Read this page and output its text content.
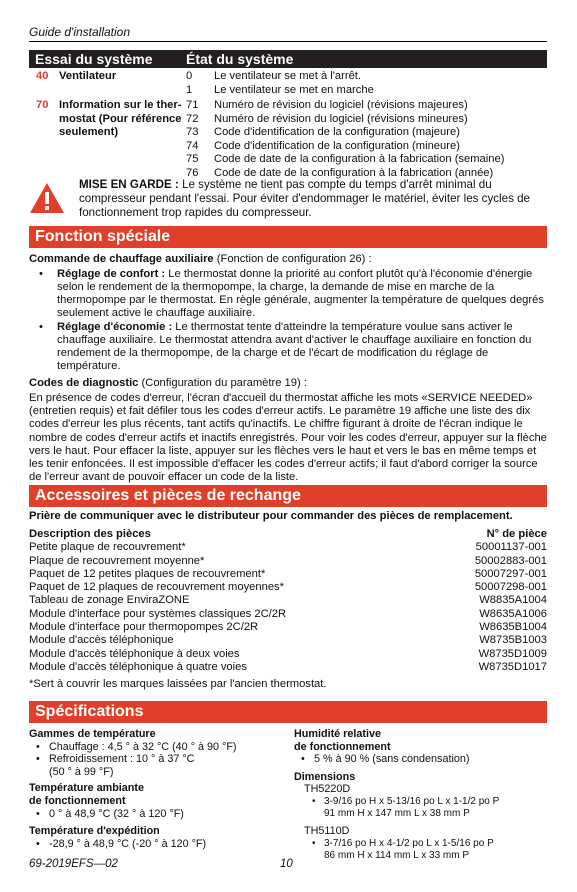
Guide d'installation
Essai du système État du système
40 Ventilateur	0	Le ventilateur se met à l'arrêt.
1	Le ventilateur se met en marche
70 Information sur le ther-
mostat (Pour référence
seulement)
71	Numéro de révision du logiciel (révisions majeures)
72	Numéro de révision du logiciel (révisions mineures)
73	Code d'identification de la configuration (majeure)
74	Code d'identification de la configuration (mineure)
75	Code de date de la configuration à la fabrication (semaine)
76	Code de date de la configuration à la fabrication (année)
MISE EN GARDE : Le système ne tient pas compte du temps d'arrêt minimal du compresseur pendant l'essai. Pour éviter d'endommager le matériel, éviter les cycles de fonctionnement trop rapides du compresseur.
Fonction spéciale
Commande de chauffage auxiliaire (Fonction de configuration 26) :
• Réglage de confort : Le thermostat donne la priorité au confort plutôt qu'à l'économie d'énergie selon le rendement de la thermopompe, la charge, la demande de mise en marche de la thermopompe par le thermostat. En règle générale, augmenter la température de quelques degrés seulement active le chauffage auxiliaire.
• Réglage d'économie : Le thermostat tente d'atteindre la température voulue sans activer le chauffage auxiliaire. Le thermostat attendra avant d'activer le chauffage auxiliaire en fonction du rendement de la thermopompe, de la charge et de l'écart de modification du réglage de température.
Codes de diagnostic (Configuration du paramètre 19) :
En présence de codes d'erreur, l'écran d'accueil du thermostat affiche les mots «SERVICE NEEDED» (entretien requis) et fait défiler tous les codes d'erreur actifs. Le paramètre 19 affiche une liste des dix codes d'erreur les plus récents, tant actifs qu'inactifs. Le chiffre figurant à droite de l'écran indique le nombre de codes d'erreur actifs et inactifs enregistrés. Pour voir les codes d'erreur, appuyer sur la flèche vers le haut. Pour effacer la liste, appuyer sur les flèches vers le haut et vers le bas en même temps et les tenir enfoncées. Il est impossible d'effacer les codes d'erreur actifs; il faut d'abord corriger la source de l'erreur avant de pouvoir effacer un code de la liste.
Accessoires et pièces de rechange
Prière de communiquer avec le distributeur pour commander des pièces de remplacement.
Description des pièces	N° de pièce
Petite plaque de recouvrement*	50001137-001
Plaque de recouvrement moyenne*	50002883-001
Paquet de 12 petites plaques de recouvrement*	50007297-001
Paquet de 12 plaques de recouvrement moyennes*	50007298-001
Tableau de zonage EnviraZONE	W8835A1004
Module d'interface pour systèmes classiques 2C/2R	W8635A1006
Module d'interface pour thermopompes 2C/2R	W8635B1004
Module d'accès téléphonique	W8735B1003
Module d'accès téléphonique à deux voies	W8735D1009
Module d'accès téléphonique à quatre voies	W8735D1017
*Sert à couvrir les marques laissées par l'ancien thermostat.
Spécifications
Gammes de température
• Chauffage : 4,5 ° à 32 °C (40 ° à 90 °F)
• Refroidissement : 10 ° à 37 °C
(50 ° à 99 °F)
Température ambiante
de fonctionnement
• 0 ° à 48,9 °C (32 ° à 120 °F)
Température d'expédition
• -28,9 ° à 48,9 °C (-20 ° à 120 °F)
Humidité relative
de fonctionnement
• 5 % à 90 % (sans condensation)
Dimensions
TH5220D
• 3-9/16 po H x 5-13/16 po L x 1-1/2 po P
91 mm H x 147 mm L x 38 mm P
TH5110D
• 3-7/16 po H x 4-1/2 po L x 1-5/16 po P
86 mm H x 114 mm L x 33 mm P
69-2019EFS—02	10
